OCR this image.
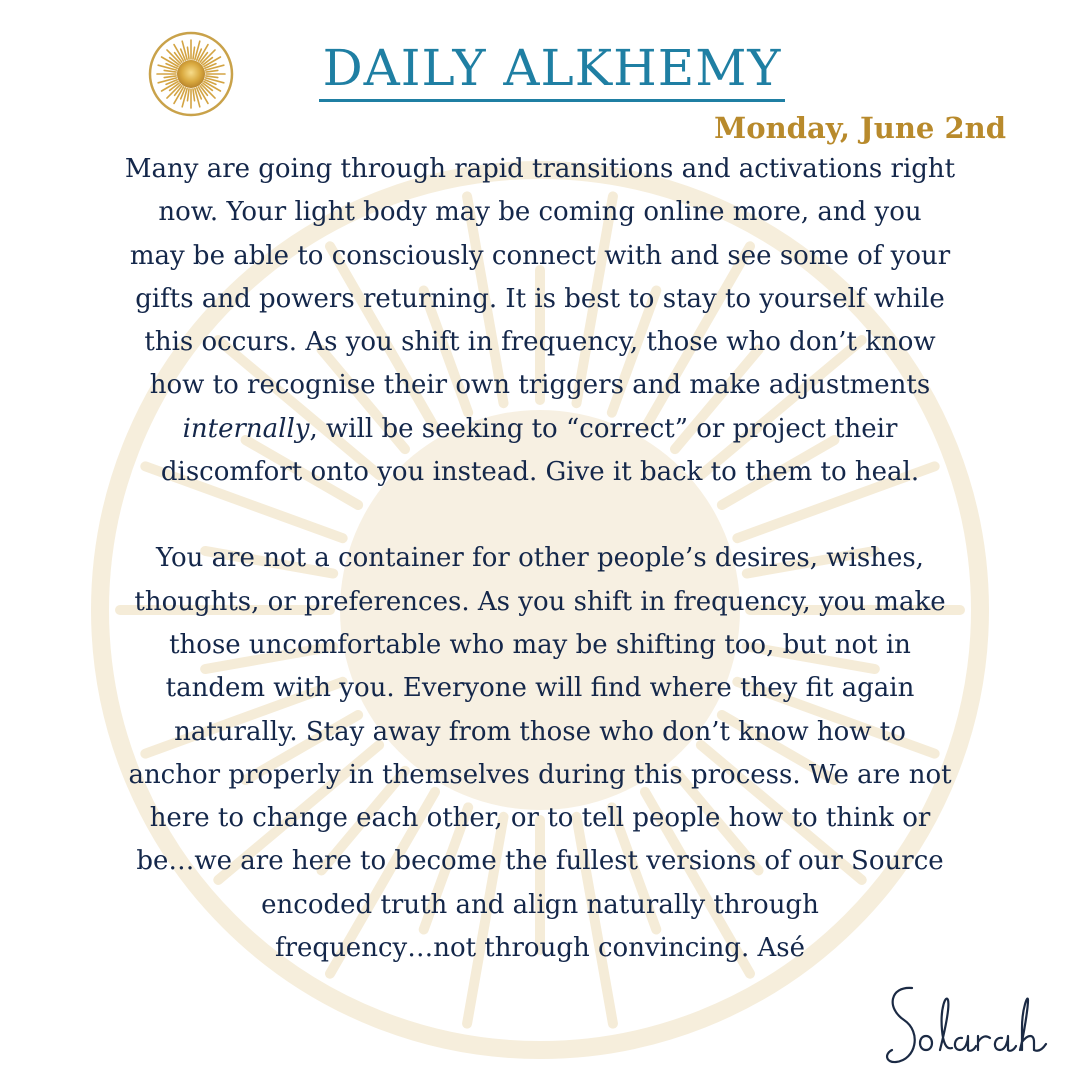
DAILY ALKHEMY
Monday, June 2nd

Many are going through rapid transitions and activations right
now. Your light body may be coming online more, and you
may be able to consciously connect with and see some of your
gifts and powers returning. It is best to stay to yourself while
this occurs. As you shift in frequency, those who don’t know
how to recognise their own triggers and make adjustments
internally, will be seeking to “correct” or project their
discomfort onto you instead. Give it back to them to heal.

You are not a container for other people’s desires, wishes,
thoughts, or preferences. As you shift in frequency, you make
those uncomfortable who may be shifting too, but not in
tandem with you. Everyone will find where they fit again
naturally. Stay away from those who don’t know how to
anchor properly in themselves during this process. We are not
here to change each other, or to tell people how to think or
be…we are here to become the fullest versions of our Source
encoded truth and align naturally through
frequency…not through convincing. Asé
